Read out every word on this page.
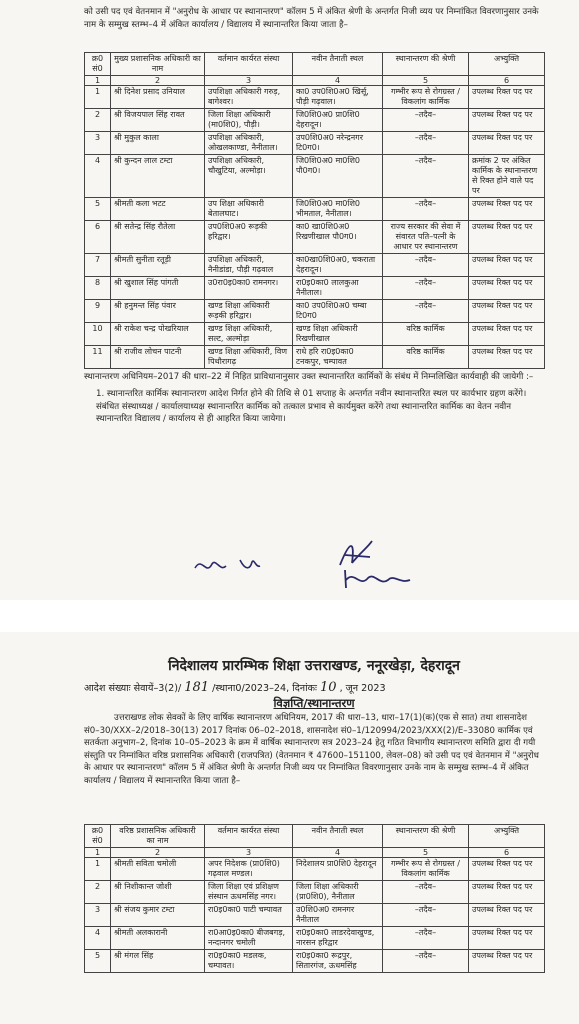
को उसी पद एवं वेतनमान में "अनुरोध के आधार पर स्थानान्तरण" कॉलम 5 में अंकित श्रेणी के अन्तर्गत निजी व्यय पर निम्नांकित विवरणानुसार उनके नाम के सम्मुख स्तम्भ–4 में अंकित कार्यालय / विद्यालय में स्थानान्तरित किया जाता है–

क्र0 सं0	मुख्य प्रशासनिक अधिकारी का नाम	वर्तमान कार्यरत संस्था	नवीन तैनाती स्थल	स्थानान्तरण की श्रेणी	अभ्युक्ति
1	2	3	4	5	6
1	श्री दिनेश प्रसाद उनियाल	उपशिक्षा अधिकारी गरुड़, बागेश्वर।	का0 उप0शि0अ0 खिर्सू, पौड़ी गढ़वाल।	गम्भीर रूप से रोगग्रस्त / विकलांग कार्मिक	उपलब्ध रिक्त पद पर
2	श्री विजयपाल सिंह रावत	जिला शिक्षा अधिकारी (मा0शि0), पौड़ी।	जि0शि0अ0 प्रा0शि0 देहरादून।	–तदैव–	उपलब्ध रिक्त पद पर
3	श्री मुकुल काला	उपशिक्षा अधिकारी, ओखलकाण्डा, नैनीताल।	उप0शि0अ0 नरेन्द्रनगर टि0ग0।	–तदैव–	उपलब्ध रिक्त पद पर
4	श्री कुन्दन लाल टम्टा	उपशिक्षा अधिकारी, चौखुटिया, अल्मोड़ा।	जि0शि0अ0 मा0शि0 पौ0ग0।	–तदैव–	क्रमांक 2 पर अंकित कार्मिक के स्थानान्तरण से रिक्त होने वाले पद पर
5	श्रीमती कला भटट	उप शिक्षा अधिकारी बेतालघाट।	जि0शि0अ0 मा0शि0 भीमताल, नैनीताल।	–तदैव–	उपलब्ध रिक्त पद पर
6	श्री सतेन्द्र सिंह रौतेला	उप0शि0अ0 रूड़की हरिद्वार।	का0 खा0शि0अ0 रिखणीखाल पौ0ग0।	राज्य सरकार की सेवा में संवारत पति–पत्नी के आधार पर स्थानान्तरण	उपलब्ध रिक्त पद पर
7	श्रीमती सुनीता रतूड़ी	उपशिक्षा अधिकारी, नैनीडांडा, पौड़ी गढ़वाल	का0खा0शि0अ0, चकराता देहरादून।	–तदैव–	उपलब्ध रिक्त पद पर
8	श्री खुशाल सिंह पांगती	उ0रा0इ0का0 रामनगर।	रा0इ0का0 लालकुआ नैनीताल।	–तदैव–	उपलब्ध रिक्त पद पर
9	श्री हनुमन्त सिंह पंवार	खण्ड शिक्षा अधिकारी रूड़की हरिद्वार।	का0 उप0शि0अ0 चम्बा टि0ग0	–तदैव–	उपलब्ध रिक्त पद पर
10	श्री राकेश चन्द्र पोखरियाल	खण्ड शिक्षा अधिकारी, सल्ट, अल्मोड़ा	खण्ड शिक्षा अधिकारी रिखणीखाल	वरिष्ठ कार्मिक	उपलब्ध रिक्त पद पर
11	श्री राजीव लोचन पाटनी	खण्ड शिक्षा अधिकारी, विण पिथौरागढ़	राधे हरि रा0इ0का0 टनकपुर, चम्पावत	वरिष्ठ कार्मिक	उपलब्ध रिक्त पद पर

स्थानान्तरण अधिनियम–2017 की धारा–22 में निहित प्राविधानानुसार उक्त स्थानान्तरित कार्मिकों के संबंध में निम्नलिखित कार्यवाही की जायेगी :–

1. स्थानान्तरित कार्मिक स्थानान्तरण आदेश निर्गत होने की तिथि से 01 सप्ताह के अन्तर्गत नवीन स्थानान्तरित स्थल पर कार्यभार ग्रहण करेंगे। संबंधित संस्थाध्यक्ष / कार्यालयाध्यक्ष स्थानान्तरित कार्मिक को तत्काल प्रभाव से कार्यमुक्त करेंगे तथा स्थानान्तरित कार्मिक का वेतन नवीन स्थानान्तरित विद्यालय / कार्यालय से ही आहरित किया जायेगा।

निदेशालय प्रारम्भिक शिक्षा उत्तराखण्ड, ननूरखेड़ा, देहरादून
आदेश संख्याः सेवायें–3(2)/ 181 /स्थाना0/2023–24, दिनांकः 10 , जून 2023
विज्ञप्ति/स्थानान्तरण

उत्तराखण्ड लोक सेवकों के लिए वार्षिक स्थानान्तरण अधिनियम, 2017 की धारा–13, धारा–17(1)(क)(एक से सात) तथा शासनादेश सं0–30/XXX–2/2018–30(13) 2017 दिनांक 06–02–2018, शासनादेश सं0–1/120994/2023/XXX(2)/E–33080 कार्मिक एवं सतर्कता अनुभाग–2, दिनांक 10–05–2023 के क्रम में वार्षिक स्थानान्तरण सत्र 2023–24 हेतु गठित विभागीय स्थानान्तरण समिति द्वारा दी गयी संस्तुति पर निम्नांकित वरिष्ठ प्रशासनिक अधिकारी (राजपत्रित) (वेतनमान ₹ 47600–151100, लेवल–08) को उसी पद एवं वेतनमान में "अनुरोध के आधार पर स्थानान्तरण" कॉलम 5 में अंकित श्रेणी के अन्तर्गत निजी व्यय पर निम्नांकित विवरणानुसार उनके नाम के सम्मुख स्तम्भ–4 में अंकित कार्यालय / विद्यालय में स्थानान्तरित किया जाता है–

क्र0 सं0	वरिष्ठ प्रशासनिक अधिकारी का नाम	वर्तमान कार्यरत संस्था	नवीन तैनाती स्थल	स्थानान्तरण की श्रेणी	अभ्युक्ति
1	2	3	4	5	6
1	श्रीमती सविता चमोली	अपर निदेशक (प्रा0शि0) गढ़वाल मण्डल।	निदेशालय प्रा0शि0 देहरादून	गम्भीर रूप से रोगग्रस्त / विकलांग कार्मिक	उपलब्ध रिक्त पद पर
2	श्री निशीकान्त जोशी	जिला शिक्षा एवं प्रशिक्षण संस्थान ऊधमसिंह नगर।	जिला शिक्षा अधिकारी (प्रा0शि0), नैनीताल	–तदैव–	उपलब्ध रिक्त पद पर
3	श्री संजय कुमार टम्टा	रा0इ0का0 पाटी चम्पावत	उ0शि0अ0 रामनगर नैनीताल	–तदैव–	उपलब्ध रिक्त पद पर
4	श्रीमती अलकारानी	रा0आ0इ0का0 बीजबगड़, नन्दानगर चमोली	रा0इ0का0 लाडरदेवाखुण्ड, नारसन हरिद्वार	–तदैव–	उपलब्ध रिक्त पद पर
5	श्री मंगल सिंह	रा0इ0का0 मडलक, चम्पावत।	रा0इ0का0 रूद्रपुर, सितारगंज, ऊधमसिंह	–तदैव–	उपलब्ध रिक्त पद पर
